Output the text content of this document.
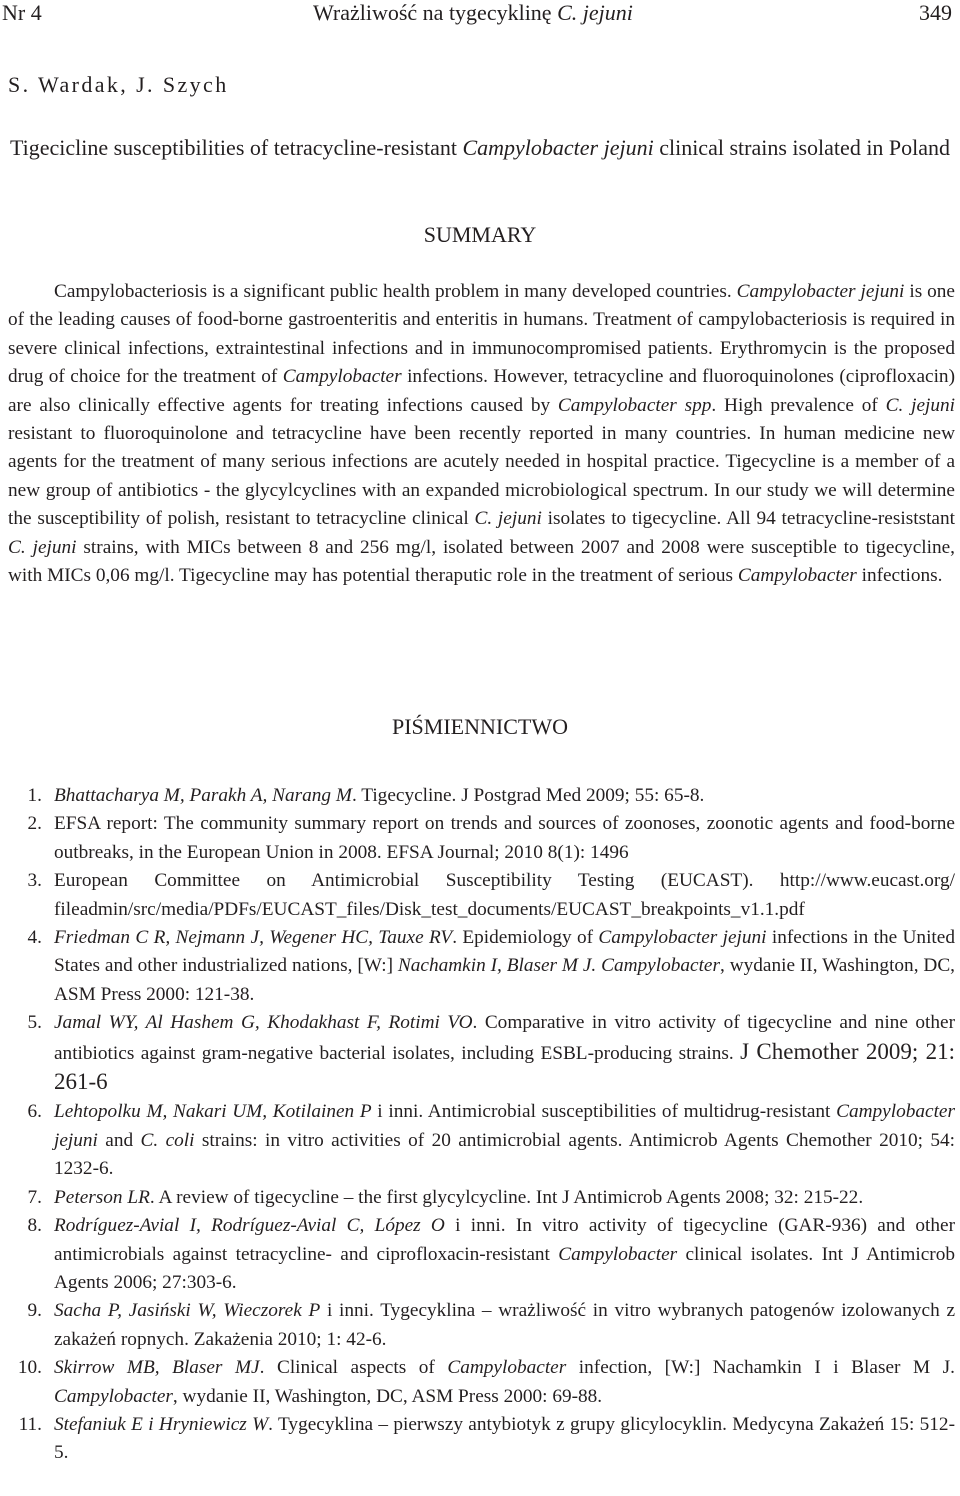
Nr 4	Wrażliwość na tygecyklinę C. jejuni	349
S. Wardak, J. Szych
Tigecicline susceptibilities of tetracycline-resistant Campylobacter jejuni clinical strains isolated in Poland
SUMMARY
Campylobacteriosis is a significant public health problem in many developed countries. Campylobacter jejuni is one of the leading causes of food-borne gastroenteritis and enteritis in humans. Treatment of campylobacteriosis is required in severe clinical infections, extraintestinal infections and in immunocompromised patients. Erythromycin is the proposed drug of choice for the treatment of Campylobacter infections. However, tetracycline and fluoroquinolones (ciprofloxacin) are also clinically effective agents for treating infections caused by Campylobacter spp. High prevalence of C. jejuni resistant to fluoroquinolone and tetracycline have been recently reported in many countries. In human medicine new agents for the treatment of many serious infections are acutely needed in hospital practice. Tigecycline is a member of a new group of antibiotics - the glycylcyclines with an expanded microbiological spectrum. In our study we will determine the susceptibility of polish, resistant to tetracycline clinical C. jejuni isolates to tigecycline. All 94 tetracycline-resiststant C. jejuni strains, with MICs between 8 and 256 mg/l, isolated between 2007 and 2008 were susceptible to tigecycline, with MICs 0,06 mg/l. Tigecycline may has potential theraputic role in the treatment of serious Campylobacter infections.
PIŚMIENNICTWO
1. Bhattacharya M, Parakh A, Narang M. Tigecycline. J Postgrad Med 2009; 55: 65-8.
2. EFSA report: The community summary report on trends and sources of zoonoses, zoonotic agents and food-borne outbreaks, in the European Union in 2008. EFSA Journal; 2010 8(1): 1496
3. European Committee on Antimicrobial Susceptibility Testing (EUCAST). http://www.eucast.org/ fileadmin/src/media/PDFs/EUCAST_files/Disk_test_documents/EUCAST_breakpoints_v1.1.pdf
4. Friedman C R, Nejmann J, Wegener HC, Tauxe RV. Epidemiology of Campylobacter jejuni infections in the United States and other industrialized nations, [W:] Nachamkin I, Blaser M J. Campylobacter, wydanie II, Washington, DC, ASM Press 2000: 121-38.
5. Jamal WY, Al Hashem G, Khodakhast F, Rotimi VO. Comparative in vitro activity of tigecycline and nine other antibiotics against gram-negative bacterial isolates, including ESBL-producing strains. J Chemother 2009; 21: 261-6
6. Lehtopolku M, Nakari UM, Kotilainen P i inni. Antimicrobial susceptibilities of multidrug-resistant Campylobacter jejuni and C. coli strains: in vitro activities of 20 antimicrobial agents. Antimicrob Agents Chemother 2010; 54: 1232-6.
7. Peterson LR. A review of tigecycline – the first glycylcycline. Int J Antimicrob Agents 2008; 32: 215-22.
8. Rodríguez-Avial I, Rodríguez-Avial C, López O i inni. In vitro activity of tigecycline (GAR-936) and other antimicrobials against tetracycline- and ciprofloxacin-resistant Campylobacter clinical isolates. Int J Antimicrob Agents 2006; 27:303-6.
9. Sacha P, Jasiński W, Wieczorek P i inni. Tygecyklina – wrażliwość in vitro wybranych patogenów izolowanych z zakażeń ropnych. Zakażenia 2010; 1: 42-6.
10. Skirrow MB, Blaser MJ. Clinical aspects of Campylobacter infection, [W:] Nachamkin I i Blaser M J. Campylobacter, wydanie II, Washington, DC, ASM Press 2000: 69-88.
11. Stefaniuk E i Hryniewicz W. Tygecyklina – pierwszy antybiotyk z grupy glicylocyklin. Medycyna Zakażeń 15: 512-5.
